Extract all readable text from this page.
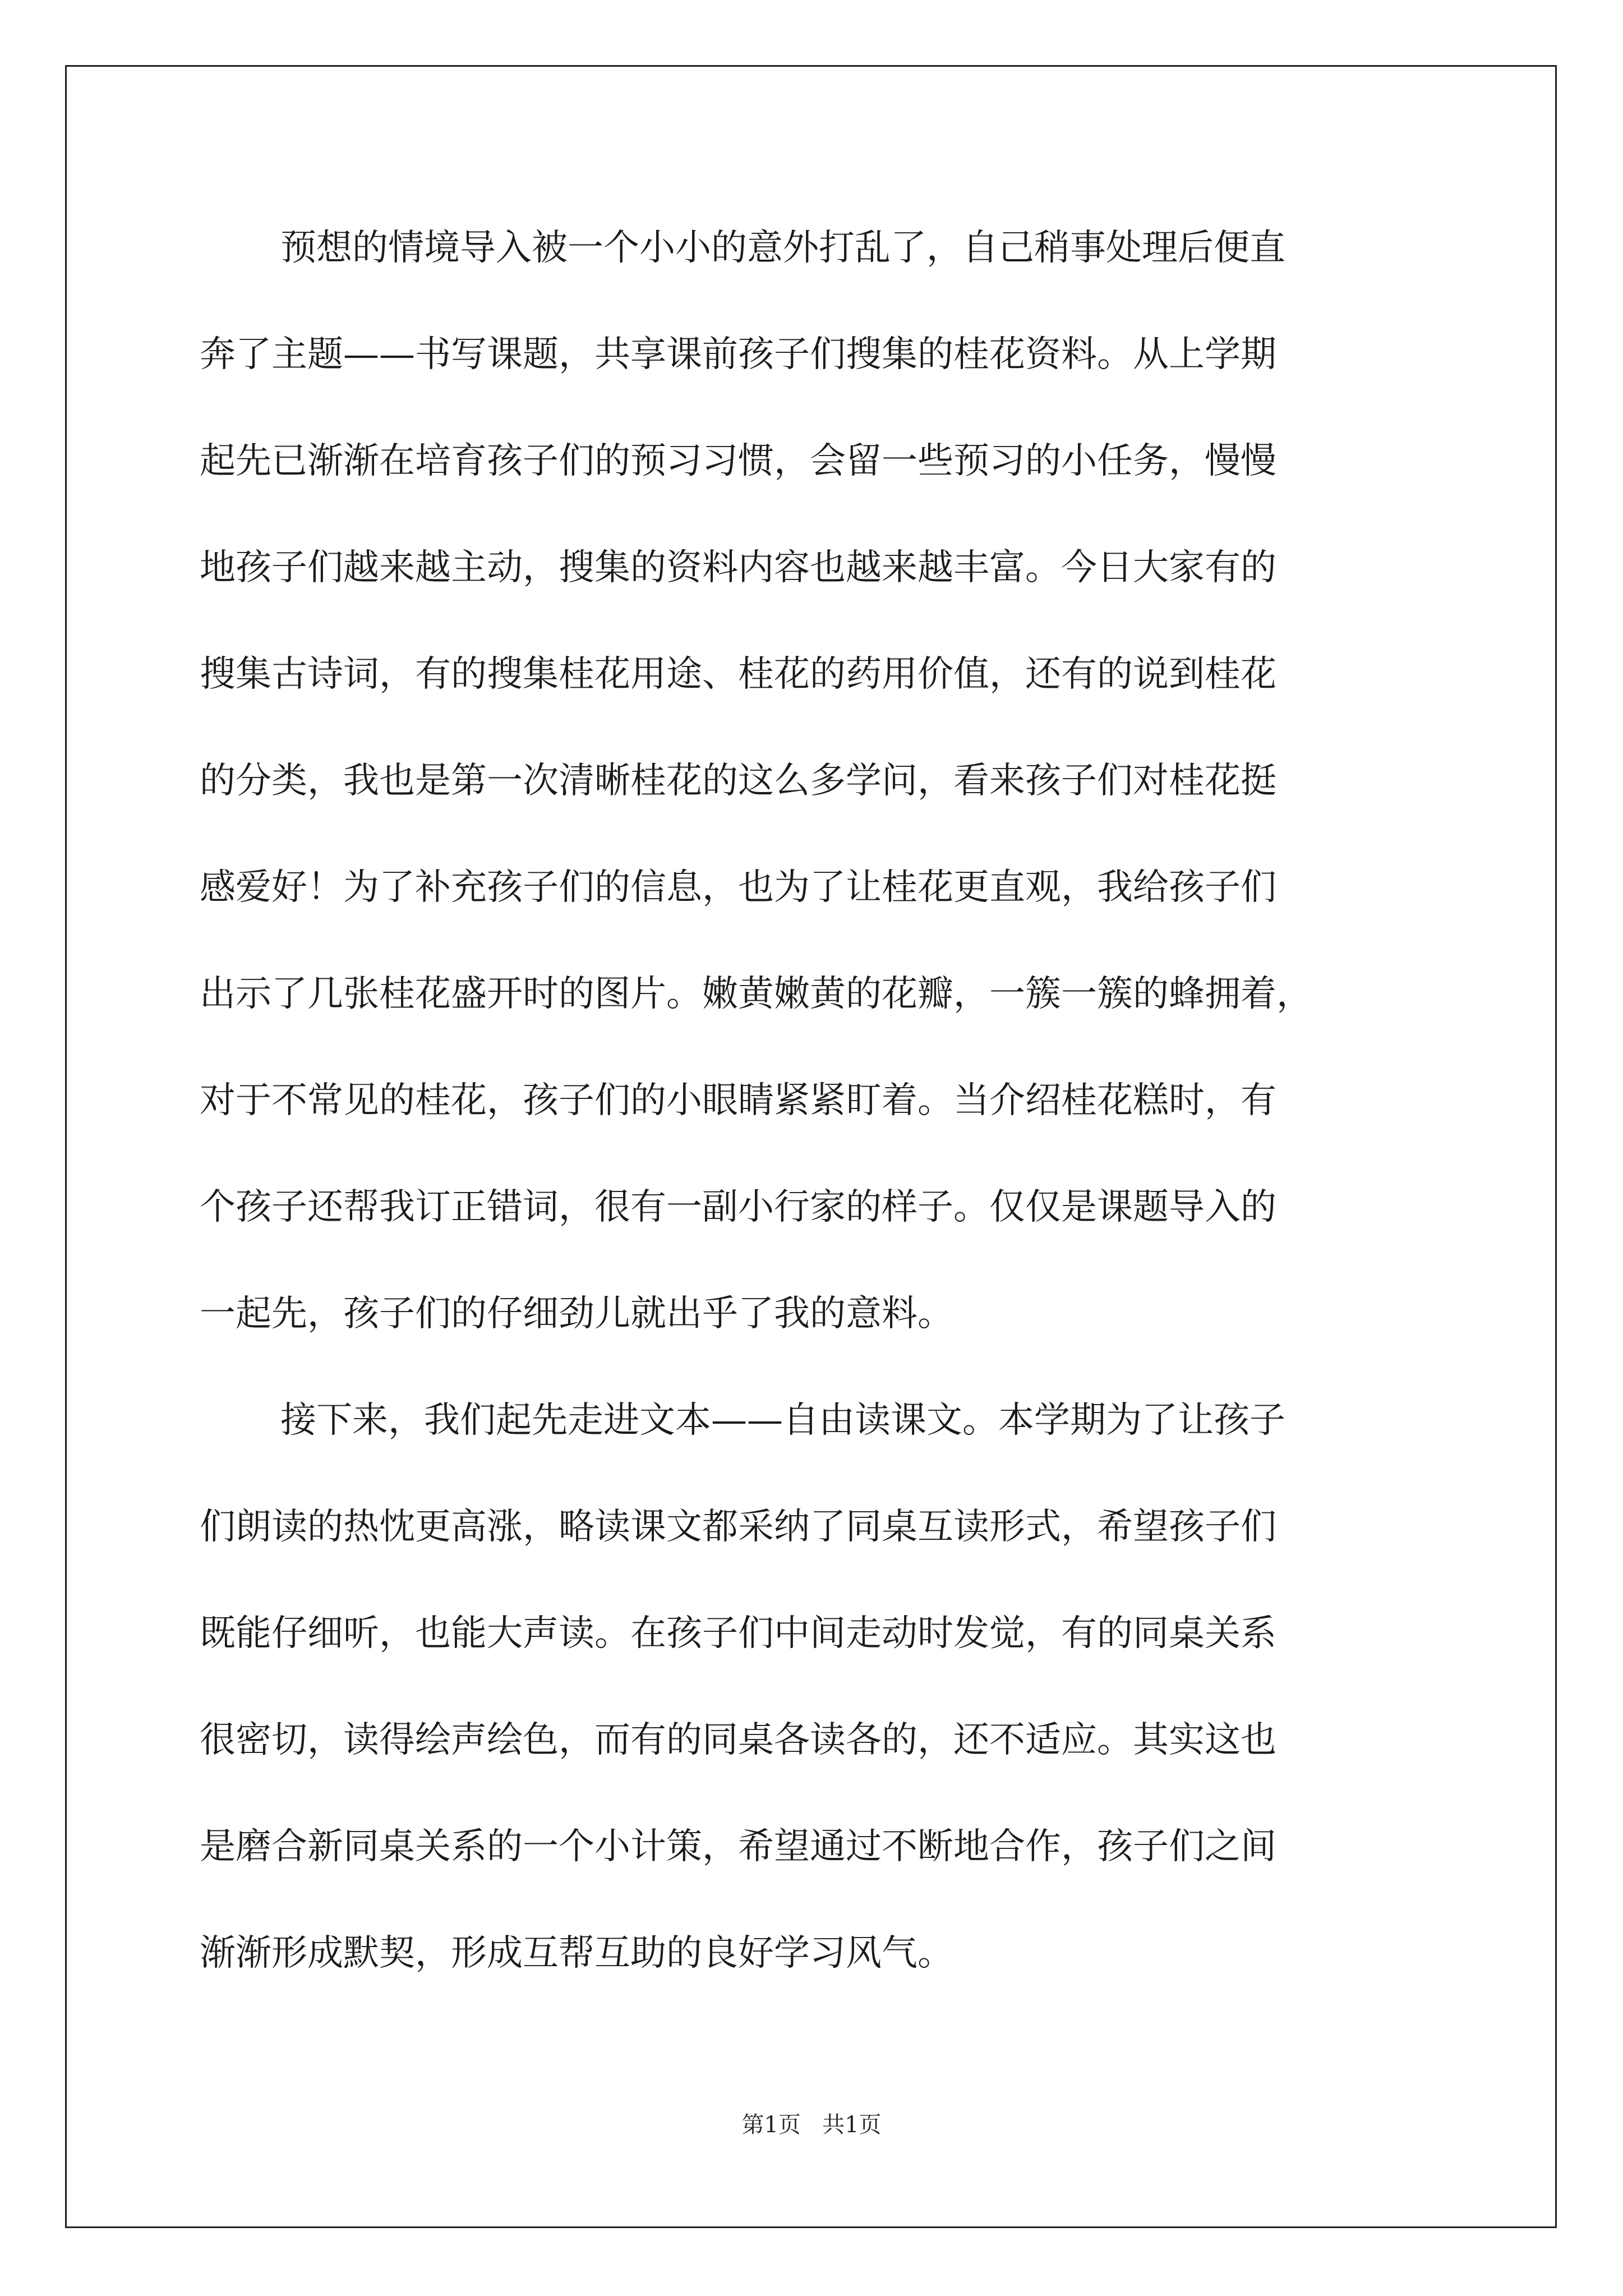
预想的情境导入被一个小小的意外打乱了，自己稍事处理后便直
奔了主题——书写课题，共享课前孩子们搜集的桂花资料。从上学期
起先已渐渐在培育孩子们的预习习惯，会留一些预习的小任务，慢慢
地孩子们越来越主动，搜集的资料内容也越来越丰富。今日大家有的
搜集古诗词，有的搜集桂花用途、桂花的药用价值，还有的说到桂花
的分类，我也是第一次清晰桂花的这么多学问，看来孩子们对桂花挺
感爱好！为了补充孩子们的信息，也为了让桂花更直观，我给孩子们
出示了几张桂花盛开时的图片。嫩黄嫩黄的花瓣，一簇一簇的蜂拥着，
对于不常见的桂花，孩子们的小眼睛紧紧盯着。当介绍桂花糕时，有
个孩子还帮我订正错词，很有一副小行家的样子。仅仅是课题导入的
一起先，孩子们的仔细劲儿就出乎了我的意料。
接下来，我们起先走进文本——自由读课文。本学期为了让孩子
们朗读的热忱更高涨，略读课文都采纳了同桌互读形式，希望孩子们
既能仔细听，也能大声读。在孩子们中间走动时发觉，有的同桌关系
很密切，读得绘声绘色，而有的同桌各读各的，还不适应。其实这也
是磨合新同桌关系的一个小计策，希望通过不断地合作，孩子们之间
渐渐形成默契，形成互帮互助的良好学习风气。
第1页 共1页
